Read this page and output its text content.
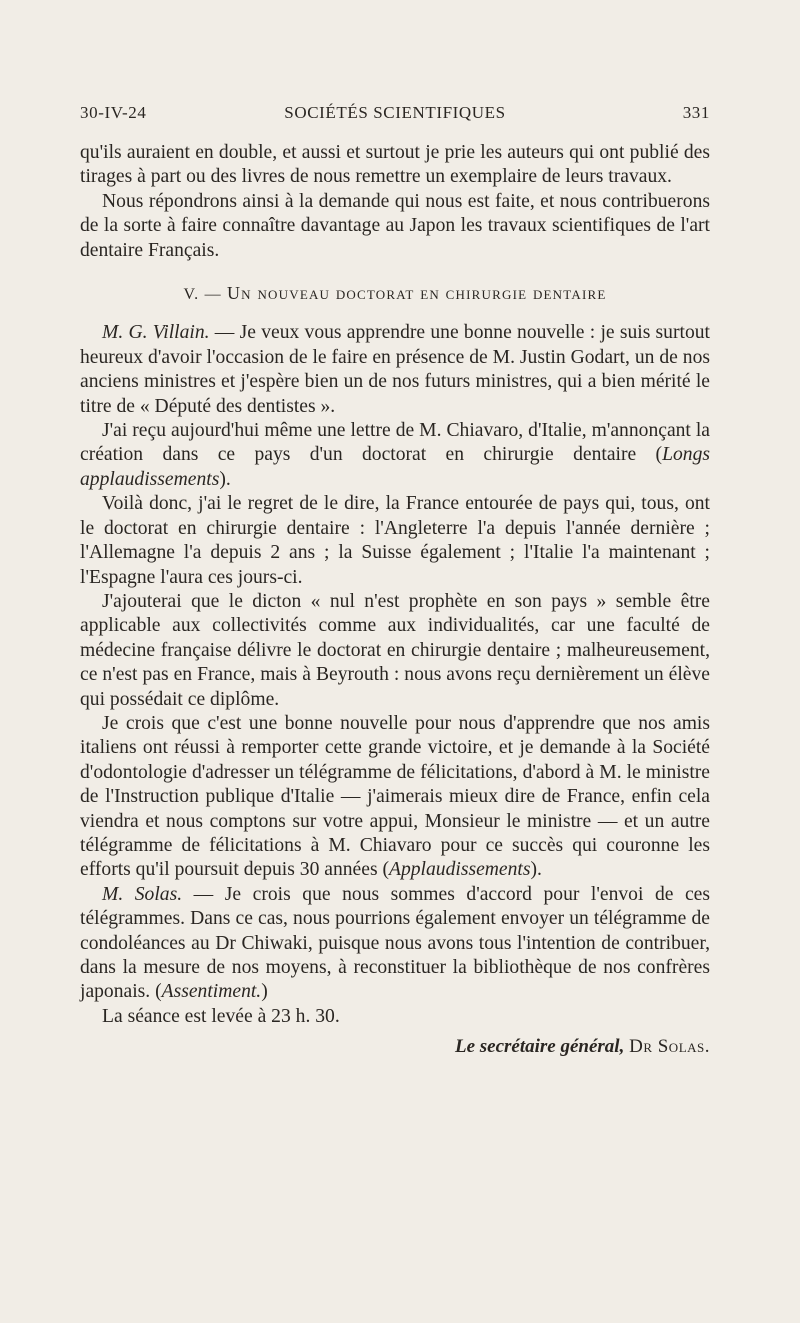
30-IV-24	SOCIÉTÉS SCIENTIFIQUES	331

qu'ils auraient en double, et aussi et surtout je prie les auteurs qui ont publié des tirages à part ou des livres de nous remettre un exemplaire de leurs travaux.

Nous répondrons ainsi à la demande qui nous est faite, et nous contribuerons de la sorte à faire connaître davantage au Japon les travaux scientifiques de l'art dentaire Français.

V. — Un nouveau doctorat en chirurgie dentaire

M. G. Villain. — Je veux vous apprendre une bonne nouvelle : je suis surtout heureux d'avoir l'occasion de le faire en présence de M. Justin Godart, un de nos anciens ministres et j'espère bien un de nos futurs ministres, qui a bien mérité le titre de « Député des dentistes ».

J'ai reçu aujourd'hui même une lettre de M. Chiavaro, d'Italie, m'annonçant la création dans ce pays d'un doctorat en chirurgie dentaire (Longs applaudissements).

Voilà donc, j'ai le regret de le dire, la France entourée de pays qui, tous, ont le doctorat en chirurgie dentaire : l'Angleterre l'a depuis l'année dernière ; l'Allemagne l'a depuis 2 ans ; la Suisse également ; l'Italie l'a maintenant ; l'Espagne l'aura ces jours-ci.

J'ajouterai que le dicton « nul n'est prophète en son pays » semble être applicable aux collectivités comme aux individualités, car une faculté de médecine française délivre le doctorat en chirurgie dentaire ; malheureusement, ce n'est pas en France, mais à Beyrouth : nous avons reçu dernièrement un élève qui possédait ce diplôme.

Je crois que c'est une bonne nouvelle pour nous d'apprendre que nos amis italiens ont réussi à remporter cette grande victoire, et je demande à la Société d'odontologie d'adresser un télégramme de félicitations, d'abord à M. le ministre de l'Instruction publique d'Italie — j'aimerais mieux dire de France, enfin cela viendra et nous comptons sur votre appui, Monsieur le ministre — et un autre télégramme de félicitations à M. Chiavaro pour ce succès qui couronne les efforts qu'il poursuit depuis 30 années (Applaudissements).

M. Solas. — Je crois que nous sommes d'accord pour l'envoi de ces télégrammes. Dans ce cas, nous pourrions également envoyer un télégramme de condoléances au Dr Chiwaki, puisque nous avons tous l'intention de contribuer, dans la mesure de nos moyens, à reconstituer la bibliothèque de nos confrères japonais. (Assentiment.)

La séance est levée à 23 h. 30.

Le secrétaire général, Dr Solas.
